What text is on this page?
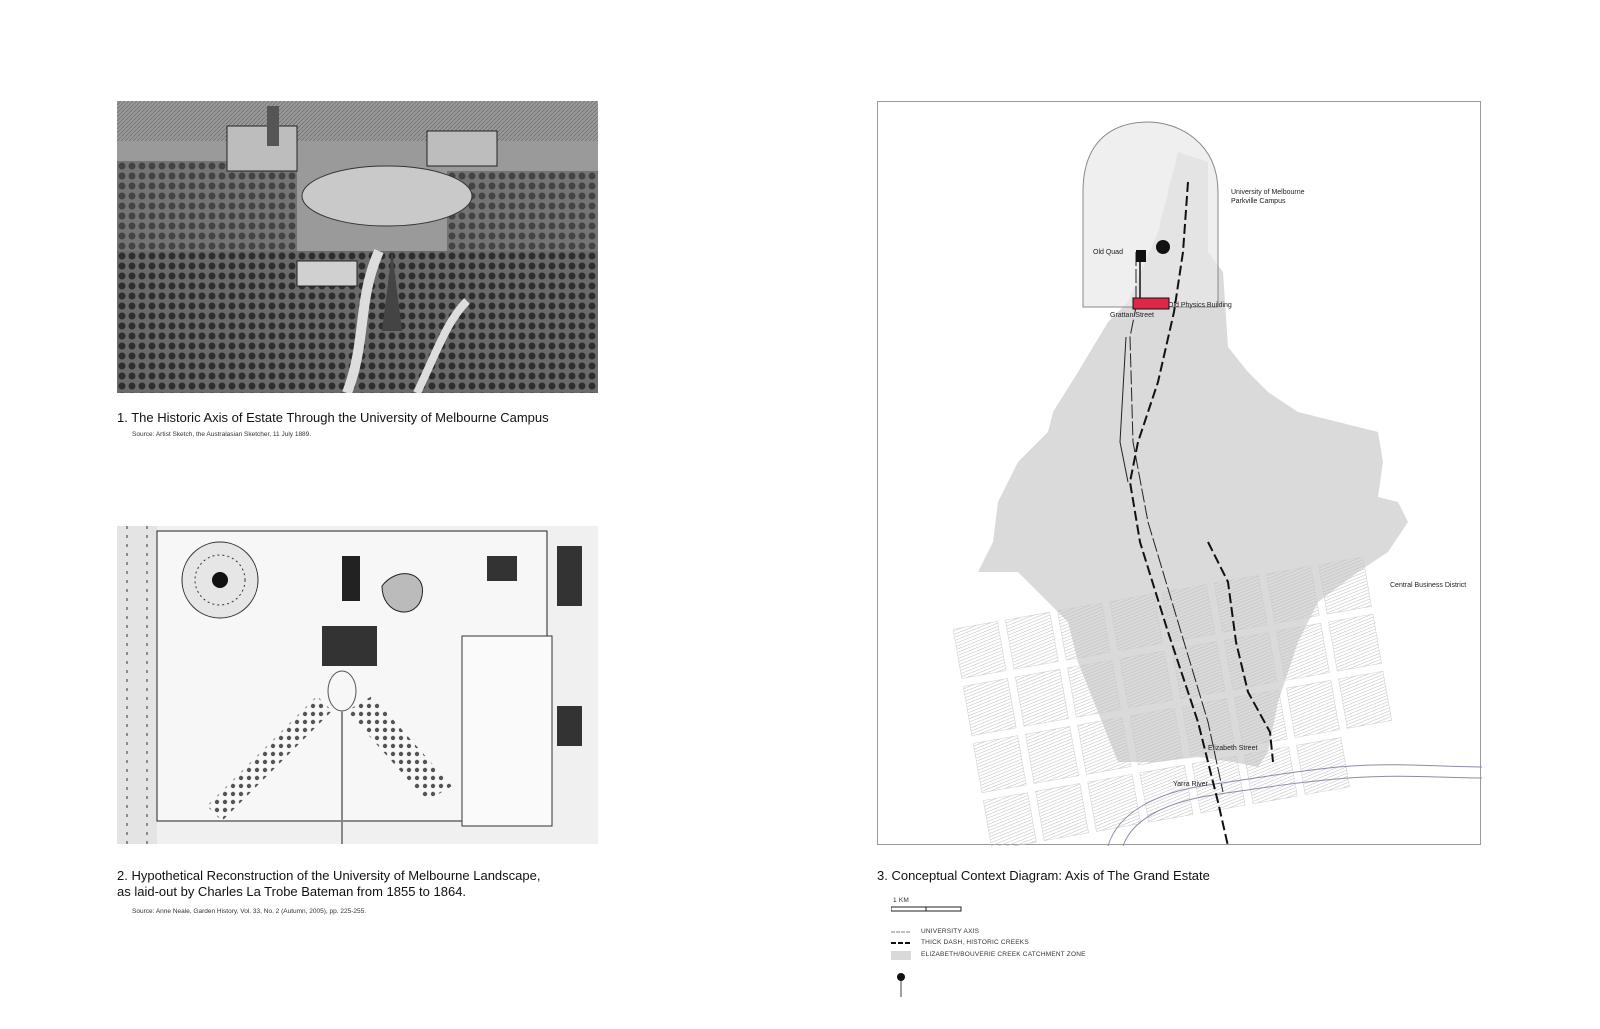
1. The Historic Axis of Estate Through the University of Melbourne Campus
Source: Artist Sketch, the Australasian Sketcher, 11 July 1889.
2. Hypothetical Reconstruction of the University of Melbourne Landscape,
as laid-out by Charles La Trobe Bateman from 1855 to 1864.
Source: Anne Neale, Garden History, Vol. 33, No. 2 (Autumn, 2005), pp. 225-255.
University of Melbourne
Parkville Campus
Old Quad
Old Physics Building
Grattan Street
Central Business District
Elizabeth Street
Yarra River
3. Conceptual Context Diagram: Axis of The Grand Estate
1 KM
UNIVERSITY AXIS
THICK DASH, HISTORIC CREEKS
ELIZABETH/BOUVERIE CREEK CATCHMENT ZONE
